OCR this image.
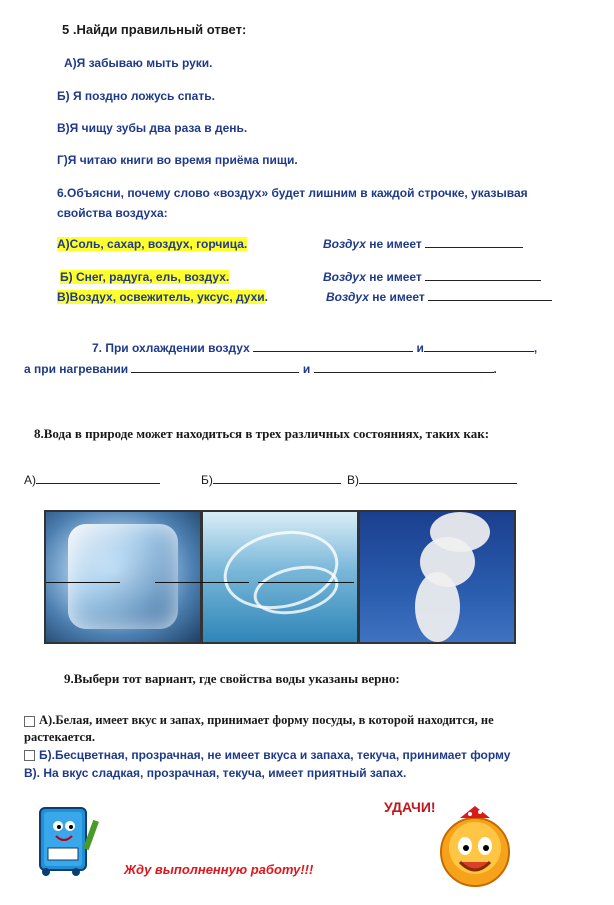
5 .Найди правильный ответ:
А)Я забываю мыть руки.
Б) Я поздно ложусь спать.
В)Я чищу зубы два раза в день.
Г)Я читаю книги во время приёма пищи.
6.Объясни, почему слово «воздух» будет лишним в каждой строчке, указывая
свойства воздуха:
А)Соль, сахар, воздух, горчица.	Воздух не имеет
Б) Снег, радуга, ель, воздух.	Воздух не имеет
В)Воздух, освежитель, уксус, духи.	Воздух не имеет
7. При охлаждении воздух	и	,
а при нагревании	и	.
8.Вода в природе может находиться в трех различных состояниях, таких как:
А)	Б)	В)
9.Выбери тот вариант, где свойства воды указаны верно:
А).Белая, имеет вкус и запах, принимает форму посуды, в которой находится, не
растекается.
Б).Бесцветная, прозрачная, не имеет вкуса и запаха, текуча, принимает форму
В). На вкус сладкая, прозрачная, текуча, имеет приятный запах.
Жду выполненную работу!!!
УДАЧИ!
